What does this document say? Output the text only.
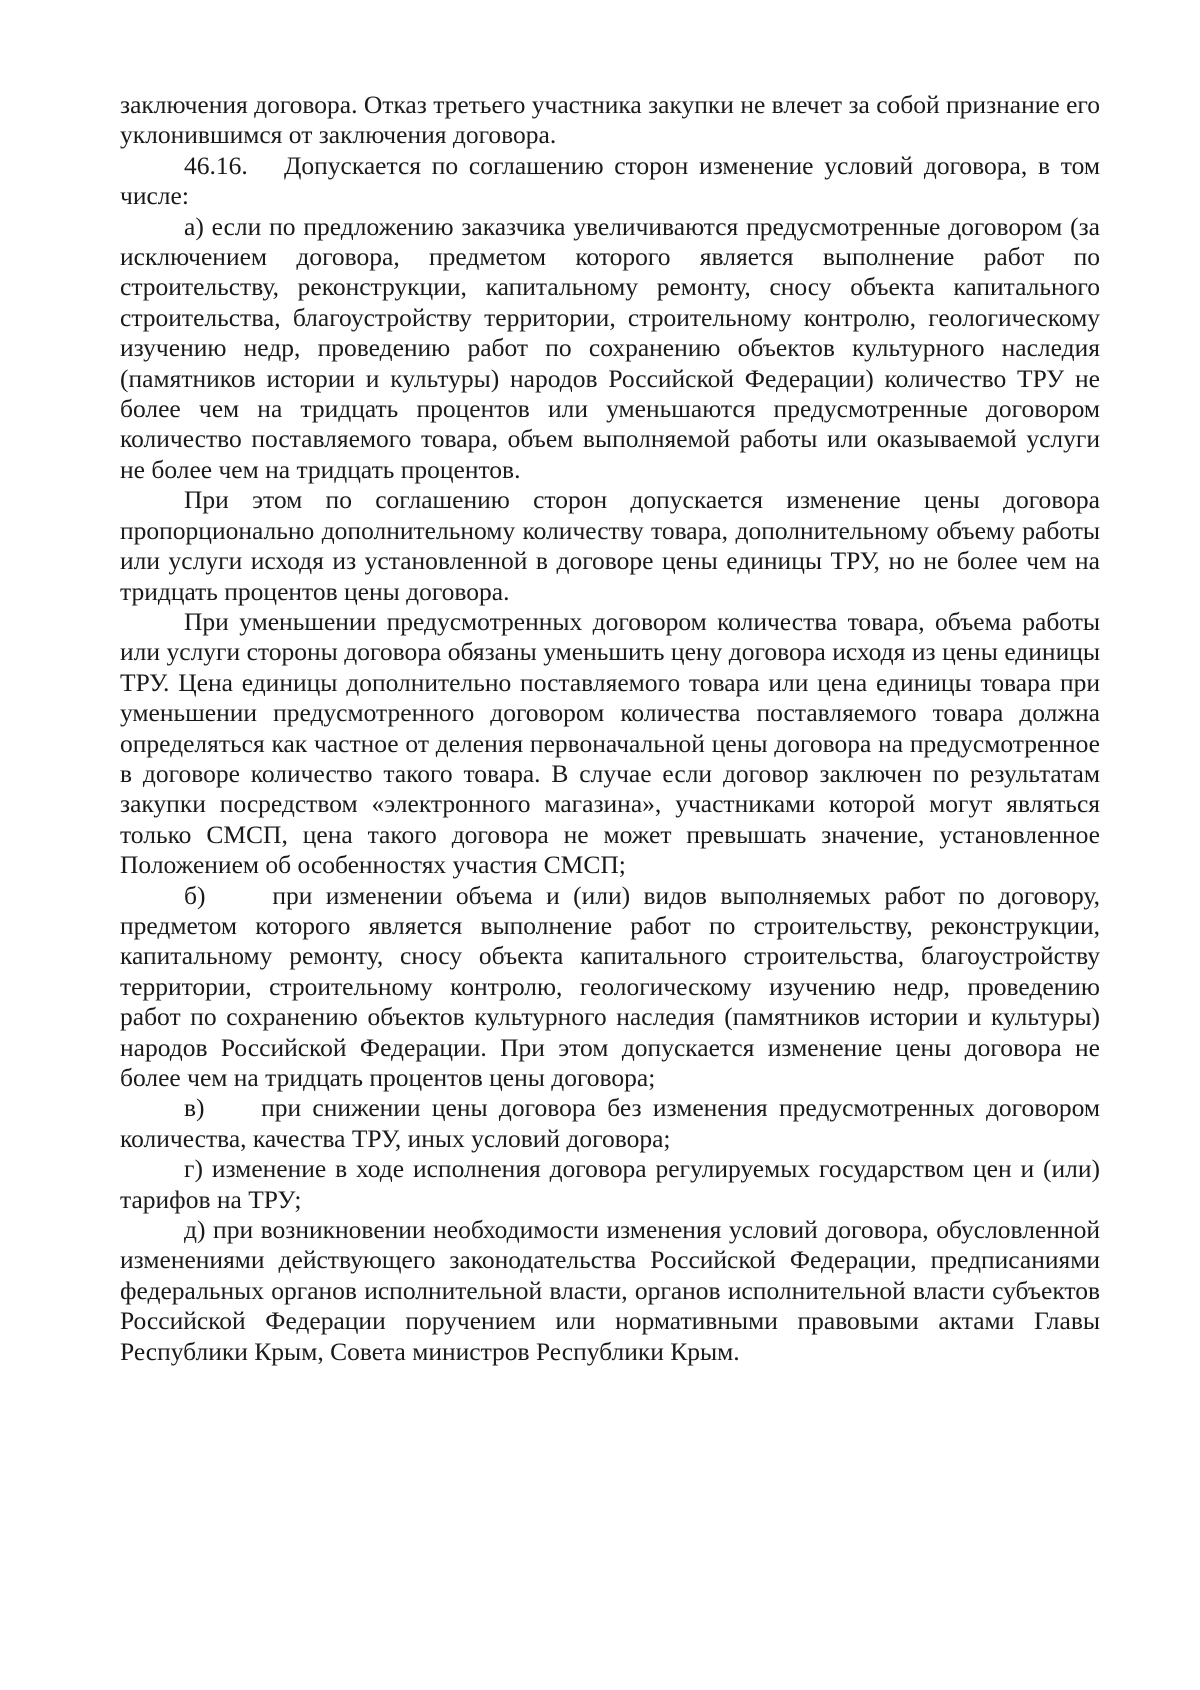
заключения договора. Отказ третьего участника закупки не влечет за собой признание его уклонившимся от заключения договора.

46.16. Допускается по соглашению сторон изменение условий договора, в том числе:

а) если по предложению заказчика увеличиваются предусмотренные договором (за исключением договора, предметом которого является выполнение работ по строительству, реконструкции, капитальному ремонту, сносу объекта капитального строительства, благоустройству территории, строительному контролю, геологическому изучению недр, проведению работ по сохранению объектов культурного наследия (памятников истории и культуры) народов Российской Федерации) количество ТРУ не более чем на тридцать процентов или уменьшаются предусмотренные договором количество поставляемого товара, объем выполняемой работы или оказываемой услуги не более чем на тридцать процентов.

При этом по соглашению сторон допускается изменение цены договора пропорционально дополнительному количеству товара, дополнительному объему работы или услуги исходя из установленной в договоре цены единицы ТРУ, но не более чем на тридцать процентов цены договора.

При уменьшении предусмотренных договором количества товара, объема работы или услуги стороны договора обязаны уменьшить цену договора исходя из цены единицы ТРУ. Цена единицы дополнительно поставляемого товара или цена единицы товара при уменьшении предусмотренного договором количества поставляемого товара должна определяться как частное от деления первоначальной цены договора на предусмотренное в договоре количество такого товара. В случае если договор заключен по результатам закупки посредством «электронного магазина», участниками которой могут являться только СМСП, цена такого договора не может превышать значение, установленное Положением об особенностях участия СМСП;

б)	при изменении объема и (или) видов выполняемых работ по договору, предметом которого является выполнение работ по строительству, реконструкции, капитальному ремонту, сносу объекта капитального строительства, благоустройству территории, строительному контролю, геологическому изучению недр, проведению работ по сохранению объектов культурного наследия (памятников истории и культуры) народов Российской Федерации. При этом допускается изменение цены договора не более чем на тридцать процентов цены договора;

в) при снижении цены договора без изменения предусмотренных договором количества, качества ТРУ, иных условий договора;

г) изменение в ходе исполнения договора регулируемых государством цен и (или) тарифов на ТРУ;

д) при возникновении необходимости изменения условий договора, обусловленной изменениями действующего законодательства Российской Федерации, предписаниями федеральных органов исполнительной власти, органов исполнительной власти субъектов Российской Федерации поручением или нормативными правовыми актами Главы Республики Крым, Совета министров Республики Крым.
